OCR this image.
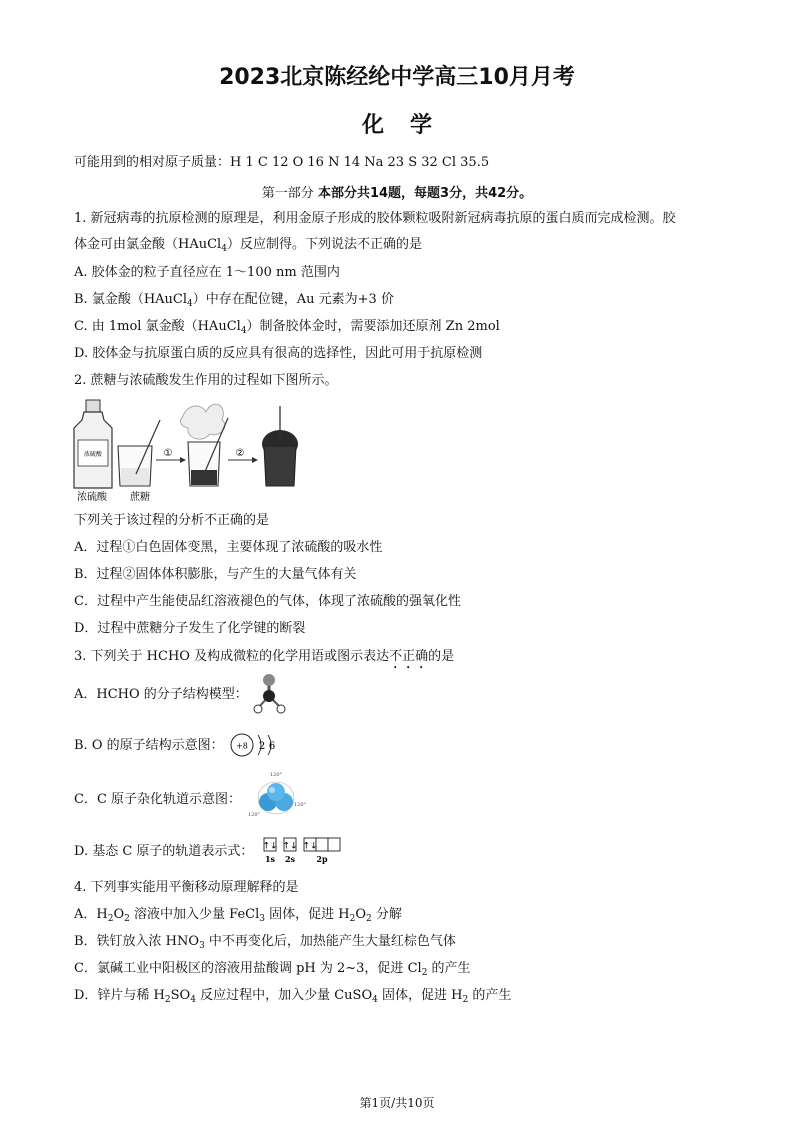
2023北京陈经纶中学高三10月月考
化学
可能用到的相对原子质量：H 1 C 12 O 16 N 14 Na 23 S 32 Cl 35.5
第一部分 本部分共14题，每题3分，共42分。
1. 新冠病毒的抗原检测的原理是，利用金原子形成的胶体颗粒吸附新冠病毒抗原的蛋白质而完成检测。胶
体金可由氯金酸（HAuCl$_4$）反应制得。下列说法不正确的是
A. 胶体金的粒子直径应在 1～100 nm 范围内
B. 氯金酸（HAuCl$_4$）中存在配位键，Au 元素为+3 价
C. 由 1mol 氯金酸（HAuCl$_4$）制备胶体金时，需要添加还原剂 Zn 2mol
D. 胶体金与抗原蛋白质的反应具有很高的选择性，因此可用于抗原检测
2. 蔗糖与浓硫酸发生作用的过程如下图所示。
浓硫酸	①	②
浓硫酸 蔗糖
下列关于该过程的分析不正确的是
A．过程①白色固体变黑，主要体现了浓硫酸的吸水性
B．过程②固体体积膨胀，与产生的大量气体有关
C．过程中产生能使品红溶液褪色的气体，体现了浓硫酸的强氧化性
D．过程中蔗糖分子发生了化学键的断裂
3. 下列关于 HCHO 及构成微粒的化学用语或图示表达不正确的是
A．HCHO 的分子结构模型：
B. O 的原子结构示意图： +8 2 6
C．C 原子杂化轨道示意图：
120°
120°
120°
D. 基态 C 原子的轨道表示式： ↑↓ ↑↓ ↑↓
1s 2s	2p
4. 下列事实能用平衡移动原理解释的是
A．$H_2O_2$ 溶液中加入少量 FeCl$_3$ 固体，促进 $H_2O_2$ 分解
B．铁钉放入浓 $HNO_3$ 中不再变化后，加热能产生大量红棕色气体
C．氯碱工业中阳极区的溶液用盐酸调 pH 为 2~3，促进 $Cl_2$ 的产生
D．锌片与稀 $H_2SO_4$ 反应过程中，加入少量 CuSO$_4$ 固体，促进 $H_2$ 的产生
第1页/共10页
